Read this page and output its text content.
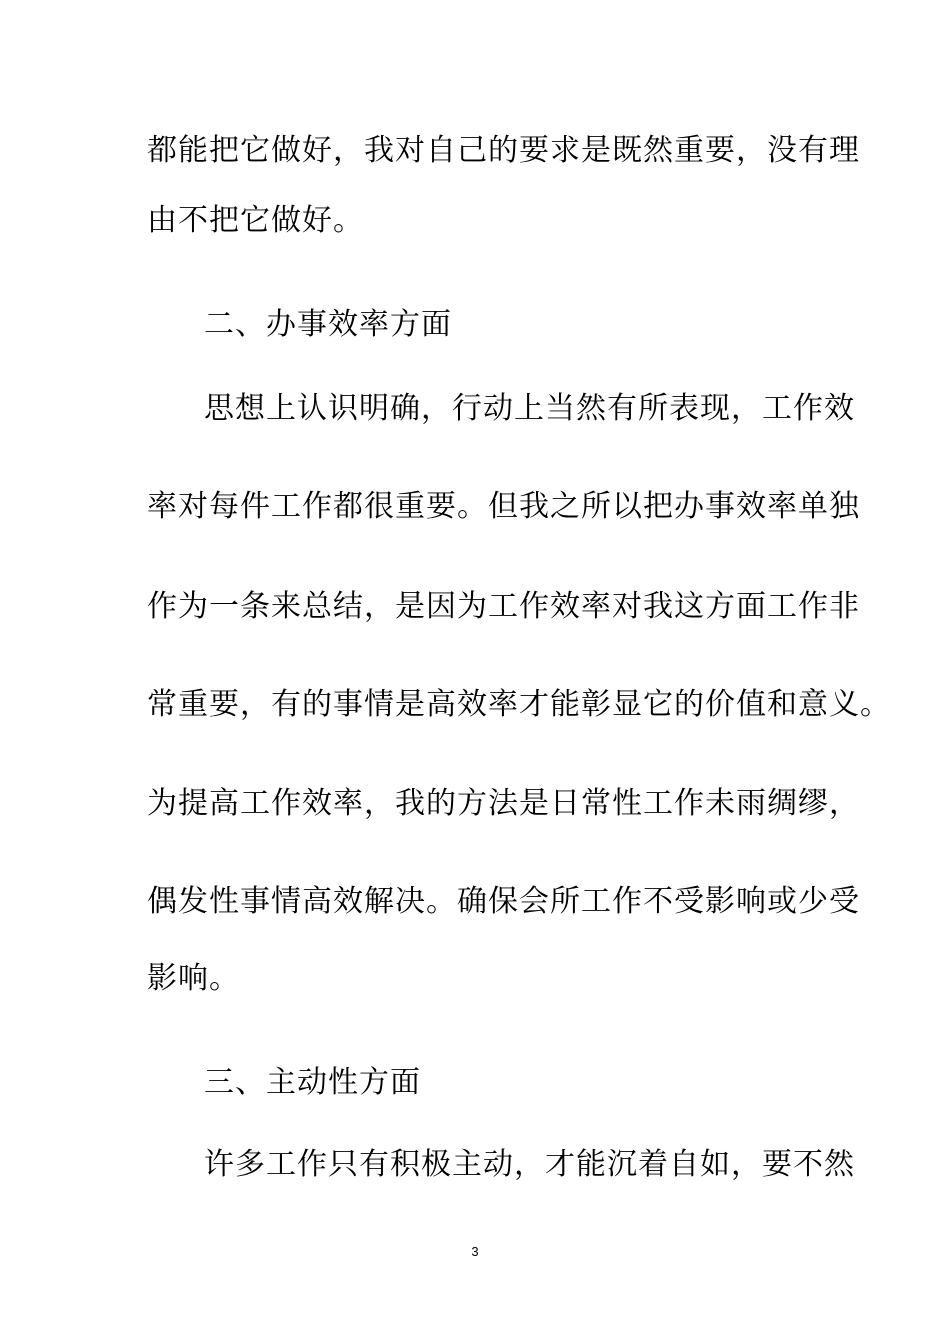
都能把它做好，我对自己的要求是既然重要，没有理
由不把它做好。
二、办事效率方面
思想上认识明确，行动上当然有所表现，工作效
率对每件工作都很重要。但我之所以把办事效率单独
作为一条来总结，是因为工作效率对我这方面工作非
常重要，有的事情是高效率才能彰显它的价值和意义。
为提高工作效率，我的方法是日常性工作未雨绸缪，
偶发性事情高效解决。确保会所工作不受影响或少受
影响。
三、主动性方面
许多工作只有积极主动，才能沉着自如，要不然
3
